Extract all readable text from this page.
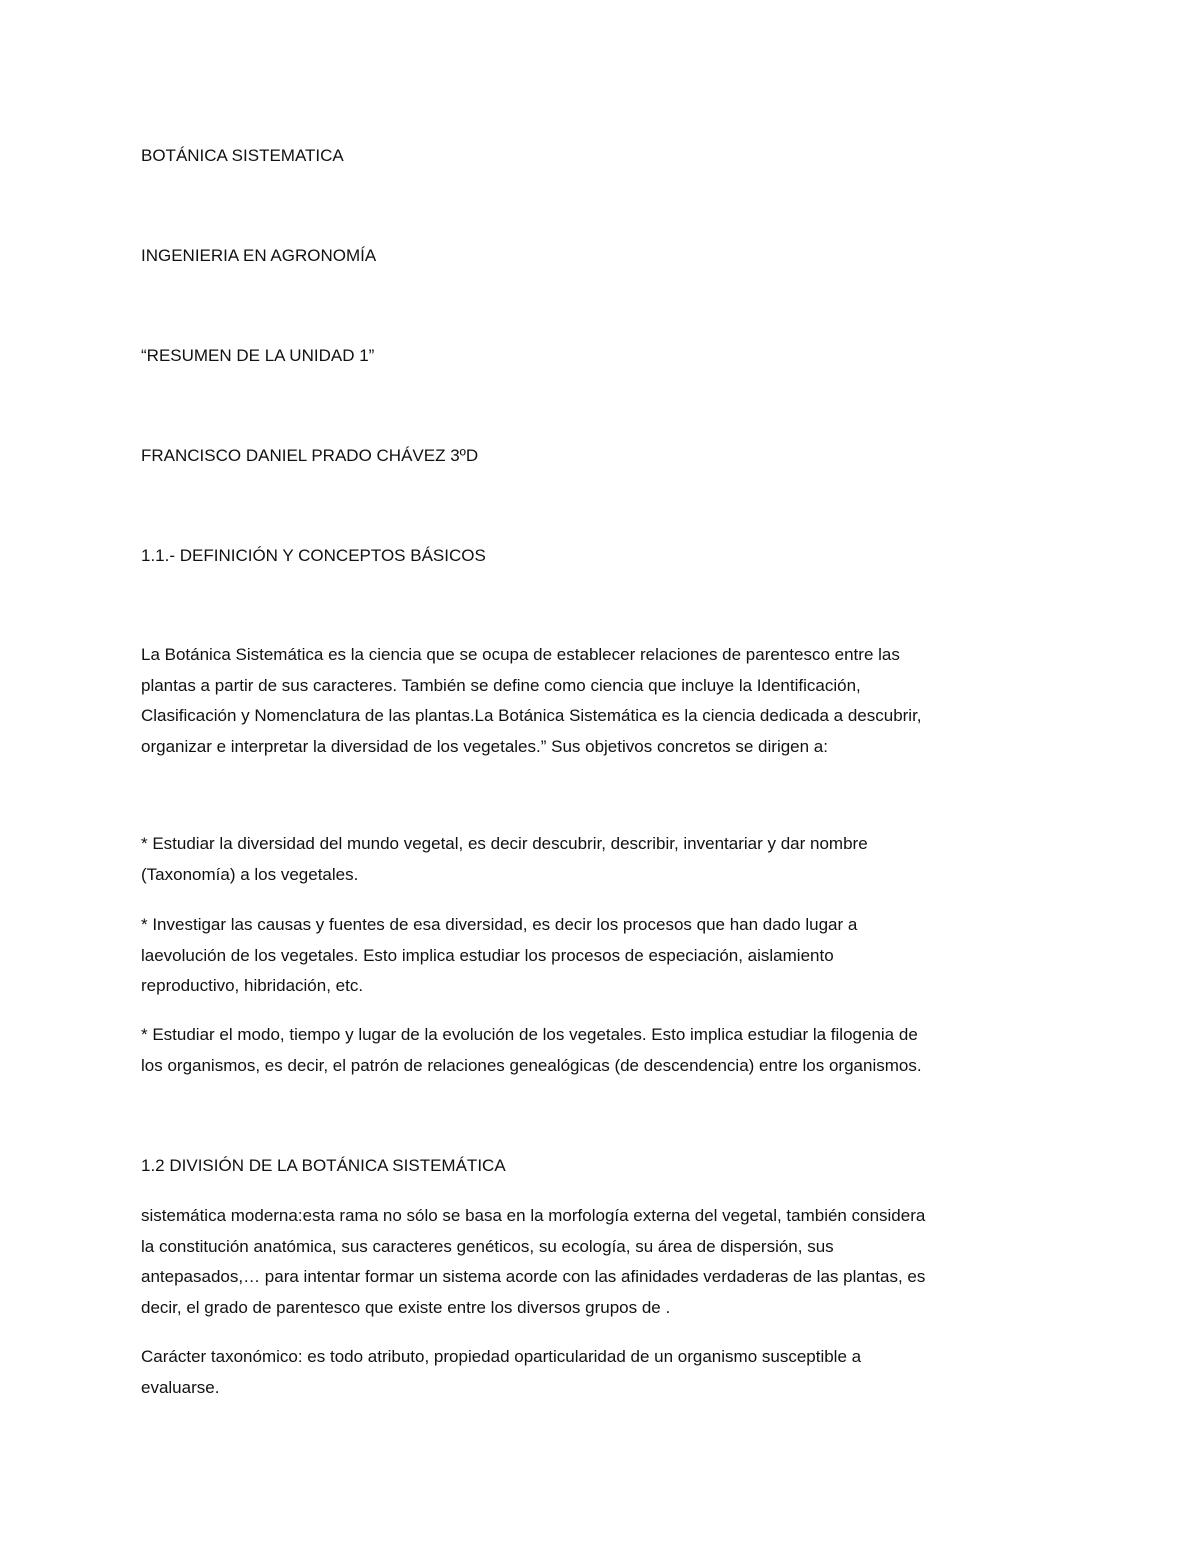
BOTÁNICA SISTEMATICA

INGENIERIA EN AGRONOMÍA

“RESUMEN DE LA UNIDAD 1”

FRANCISCO DANIEL PRADO CHÁVEZ 3ºD

1.1.- DEFINICIÓN Y CONCEPTOS BÁSICOS

La Botánica Sistemática es la ciencia que se ocupa de establecer relaciones de parentesco entre las
plantas a partir de sus caracteres. También se define como ciencia que incluye la Identificación,
Clasificación y Nomenclatura de las plantas.La Botánica Sistemática es la ciencia dedicada a descubrir,
organizar e interpretar la diversidad de los vegetales.” Sus objetivos concretos se dirigen a:
* Estudiar la diversidad del mundo vegetal, es decir descubrir, describir, inventariar y dar nombre
(Taxonomía) a los vegetales.
* Investigar las causas y fuentes de esa diversidad, es decir los procesos que han dado lugar a
laevolución de los vegetales. Esto implica estudiar los procesos de especiación, aislamiento
reproductivo, hibridación, etc.
* Estudiar el modo, tiempo y lugar de la evolución de los vegetales. Esto implica estudiar la filogenia de
los organismos, es decir, el patrón de relaciones genealógicas (de descendencia) entre los organismos.

1.2 DIVISIÓN DE LA BOTÁNICA SISTEMÁTICA

sistemática moderna:esta rama no sólo se basa en la morfología externa del vegetal, también considera
la constitución anatómica, sus caracteres genéticos, su ecología, su área de dispersión, sus
antepasados,… para intentar formar un sistema acorde con las afinidades verdaderas de las plantas, es
decir, el grado de parentesco que existe entre los diversos grupos de .
Carácter taxonómico: es todo atributo, propiedad oparticularidad de un organismo susceptible a
evaluarse.
